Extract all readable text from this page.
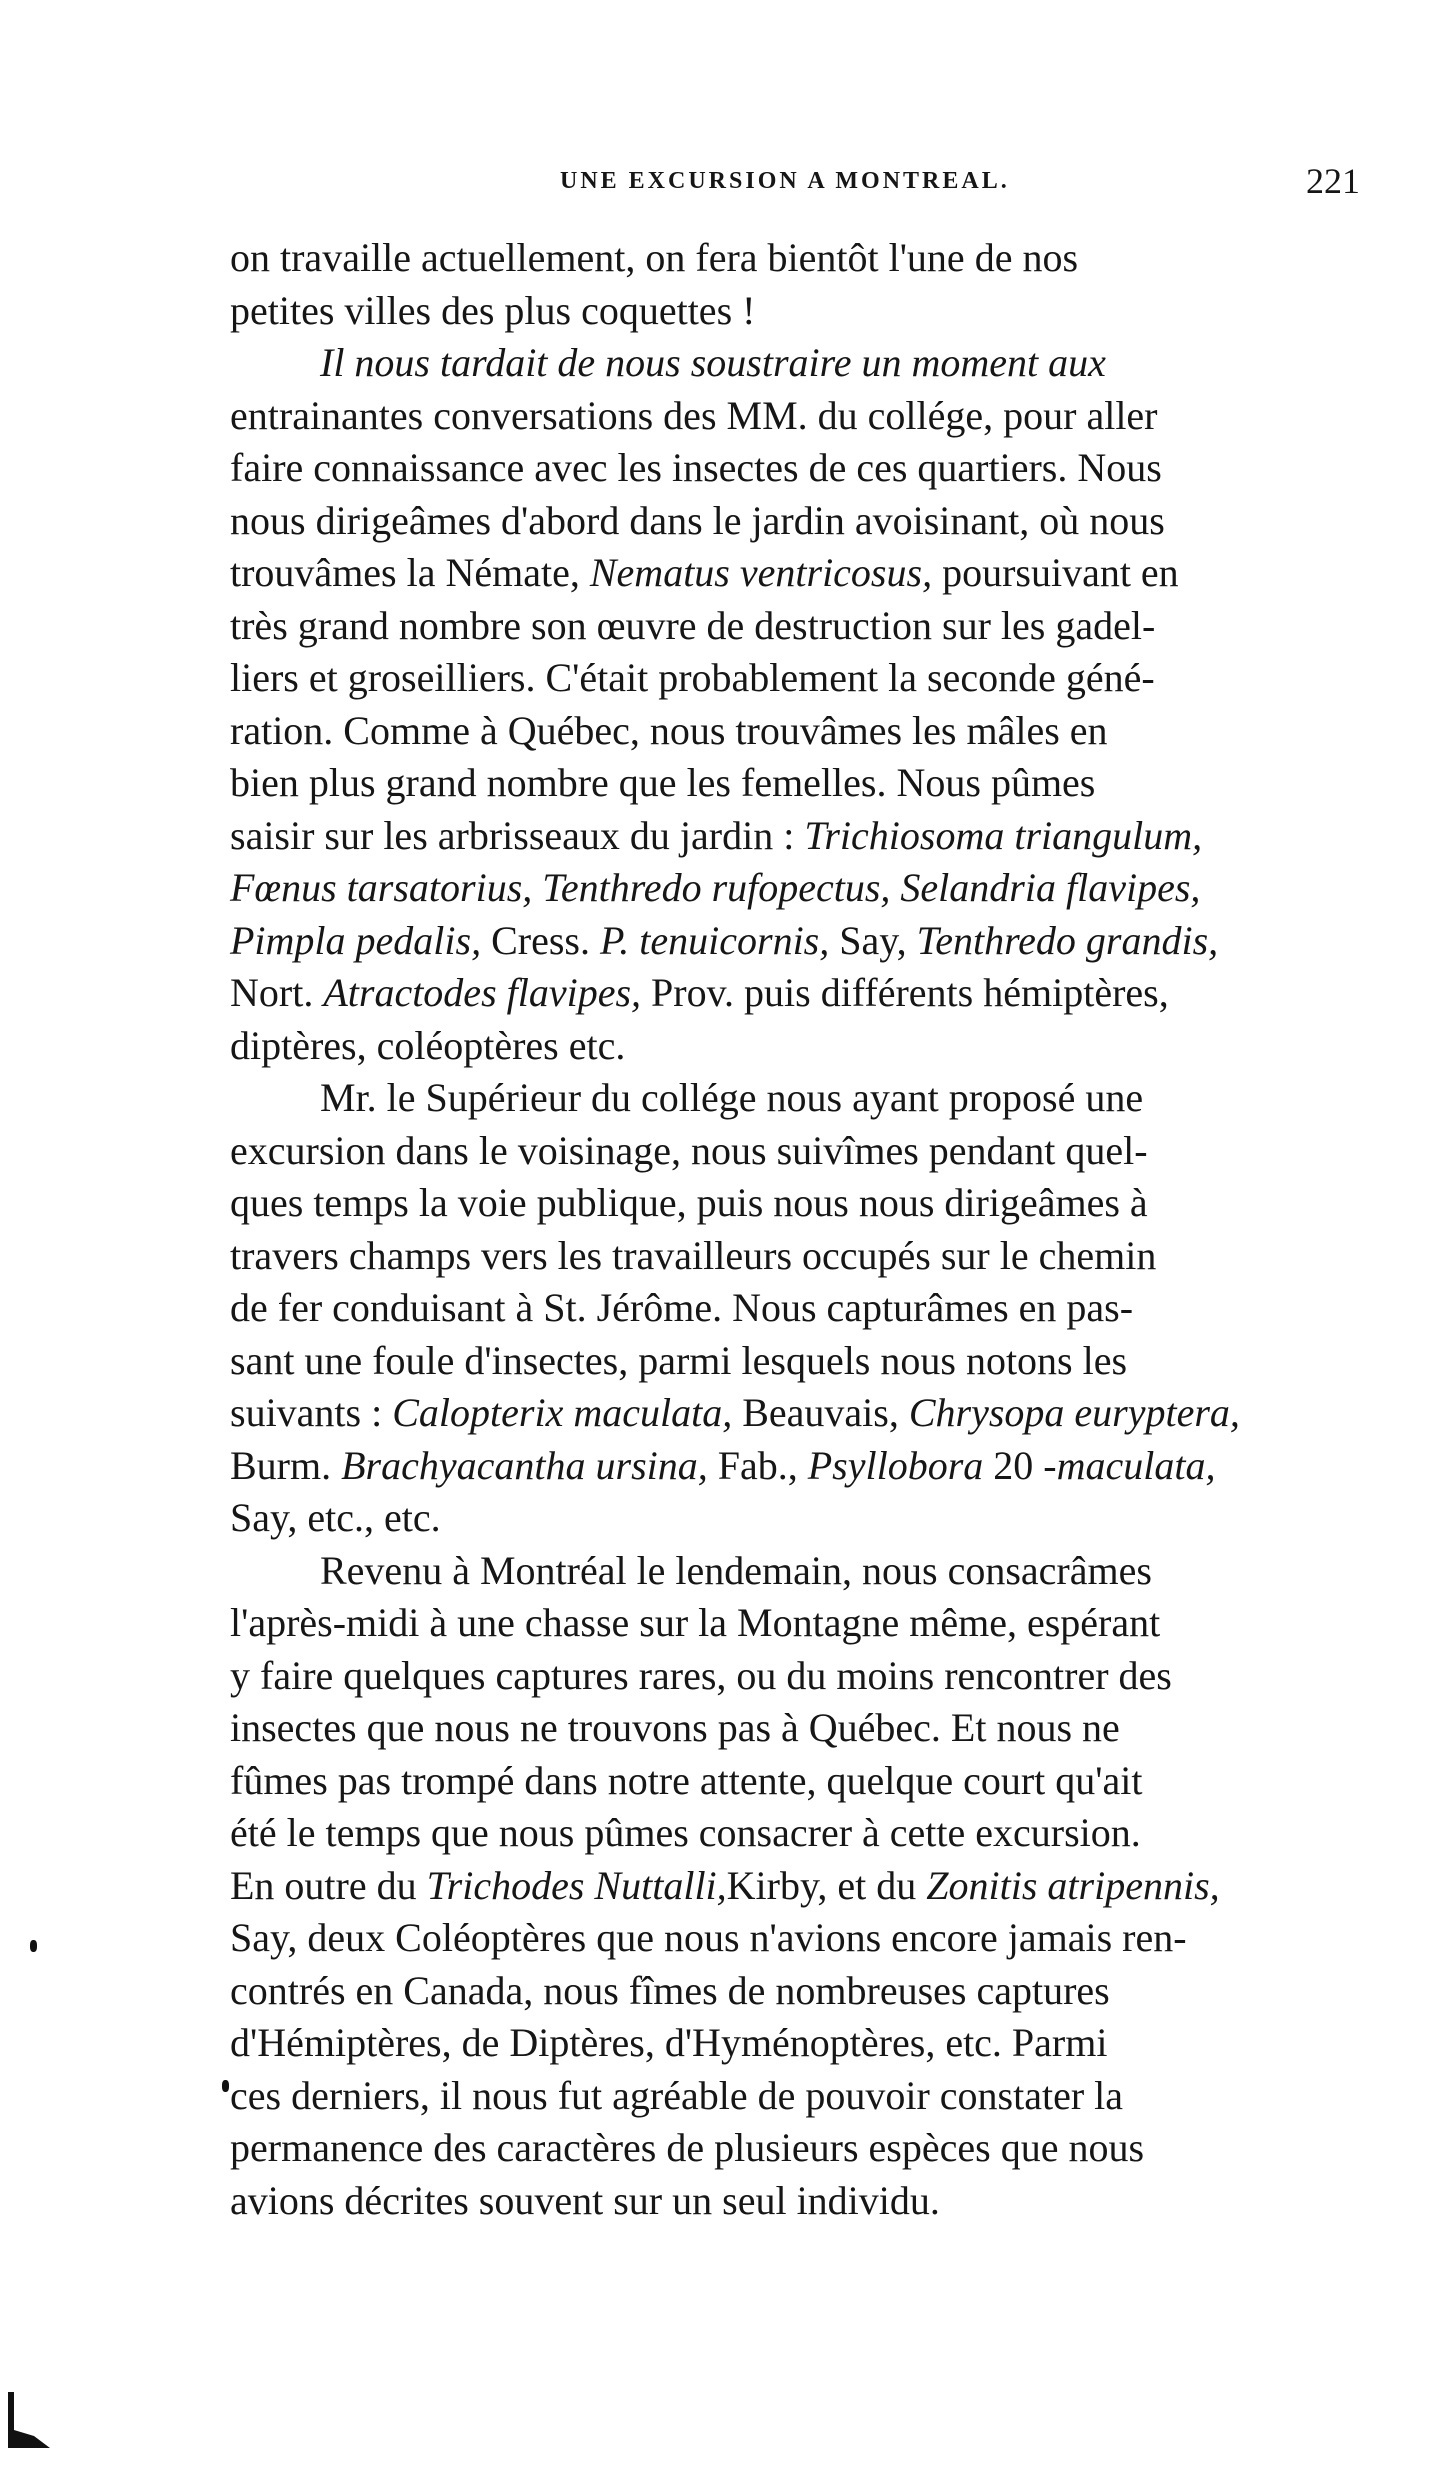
UNE EXCURSION A MONTREAL.	221
on travaille actuellement, on fera bientôt l'une de nos
petites villes des plus coquettes !
Il nous tardait de nous soustraire un moment aux
entrainantes conversations des MM. du collége, pour aller
faire connaissance avec les insectes de ces quartiers. Nous
nous dirigeâmes d'abord dans le jardin avoisinant, où nous
trouvâmes la Némate, Nematus ventricosus, poursuivant en
très grand nombre son œuvre de destruction sur les gadel-
liers et groseilliers. C'était probablement la seconde géné-
ration. Comme à Québec, nous trouvâmes les mâles en
bien plus grand nombre que les femelles. Nous pûmes
saisir sur les arbrisseaux du jardin : Trichiosoma triangulum,
Fœnus tarsatorius, Tenthredo rufopectus, Selandria flavipes,
Pimpla pedalis, Cress. P. tenuicornis, Say, Tenthredo grandis,
Nort. Atractodes flavipes, Prov. puis différents hémiptères,
diptères, coléoptères etc.
Mr. le Supérieur du collége nous ayant proposé une
excursion dans le voisinage, nous suivîmes pendant quel-
ques temps la voie publique, puis nous nous dirigeâmes à
travers champs vers les travailleurs occupés sur le chemin
de fer conduisant à St. Jérôme. Nous capturâmes en pas-
sant une foule d'insectes, parmi lesquels nous notons les
suivants : Calopterix maculata, Beauvais, Chrysopa eurypterа,
Burm. Brachyacantha ursina, Fab., Psyllobora 20 -maculata,
Say, etc., etc.
Revenu à Montréal le lendemain, nous consacrâmes
l'après-midi à une chasse sur la Montagne même, espérant
y faire quelques captures rares, ou du moins rencontrer des
insectes que nous ne trouvons pas à Québec. Et nous ne
fûmes pas trompé dans notre attente, quelque court qu'ait
été le temps que nous pûmes consacrer à cette excursion.
En outre du Trichodes Nuttalli,Kirby, et du Zonitis atripennis,
Say, deux Coléoptères que nous n'avions encore jamais ren-
contrés en Canada, nous fîmes de nombreuses captures
d'Hémiptères, de Diptères, d'Hyménoptères, etc. Parmi
ces derniers, il nous fut agréable de pouvoir constater la
permanence des caractères de plusieurs espèces que nous
avions décrites souvent sur un seul individu.
